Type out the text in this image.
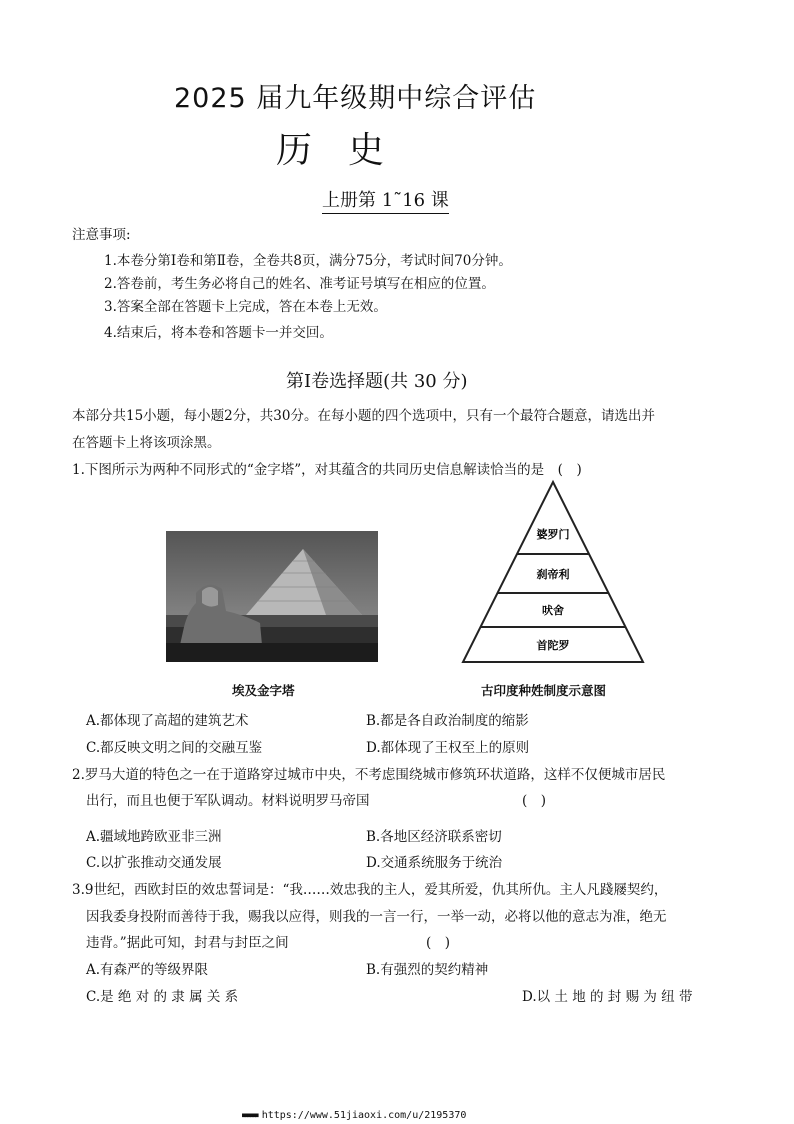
2025 届九年级期中综合评估
历史
上册第 1˜16 课
注意事项:
1.本卷分第Ⅰ卷和第Ⅱ卷，全卷共8页，满分75分，考试时间70分钟。
2.答卷前，考生务必将自己的姓名、准考证号填写在相应的位置。
3.答案全部在答题卡上完成，答在本卷上无效。
4.结束后，将本卷和答题卡一并交回。
第Ⅰ卷选择题(共 30 分)
本部分共15小题，每小题2分，共30分。在每小题的四个选项中，只有一个最符合题意，请选出并
在答题卡上将该项涂黑。
1.下图所示为两种不同形式的“金字塔”，对其蕴含的共同历史信息解读恰当的是　(　)
婆罗门
刹帝利
吠舍
首陀罗
埃及金字塔	古印度种姓制度示意图
A.都体现了高超的建筑艺术	B.都是各自政治制度的缩影
C.都反映文明之间的交融互鉴	D.都体现了王权至上的原则
2.罗马大道的特色之一在于道路穿过城市中央，不考虑围绕城市修筑环状道路，这样不仅便城市居民
出行，而且也便于军队调动。材料说明罗马帝国	(　)
A.疆域地跨欧亚非三洲	B.各地区经济联系密切
C.以扩张推动交通发展	D.交通系统服务于统治
3.9世纪，西欧封臣的效忠誓词是：“我……效忠我的主人，爱其所爱，仇其所仇。主人凡踐屦契约，
因我委身投附而善待于我，赐我以应得，则我的一言一行，一举一动，必将以他的意志为准，绝无
违背。”据此可知，封君与封臣之间	(　)
A.有森严的等级界限	B.有强烈的契约精神
C.是 绝 对 的 隶 属 关 系	D.以 土 地 的 封 赐 为 纽 带
■■■■■■ https://www.51jiaoxi.com/u/2195370
